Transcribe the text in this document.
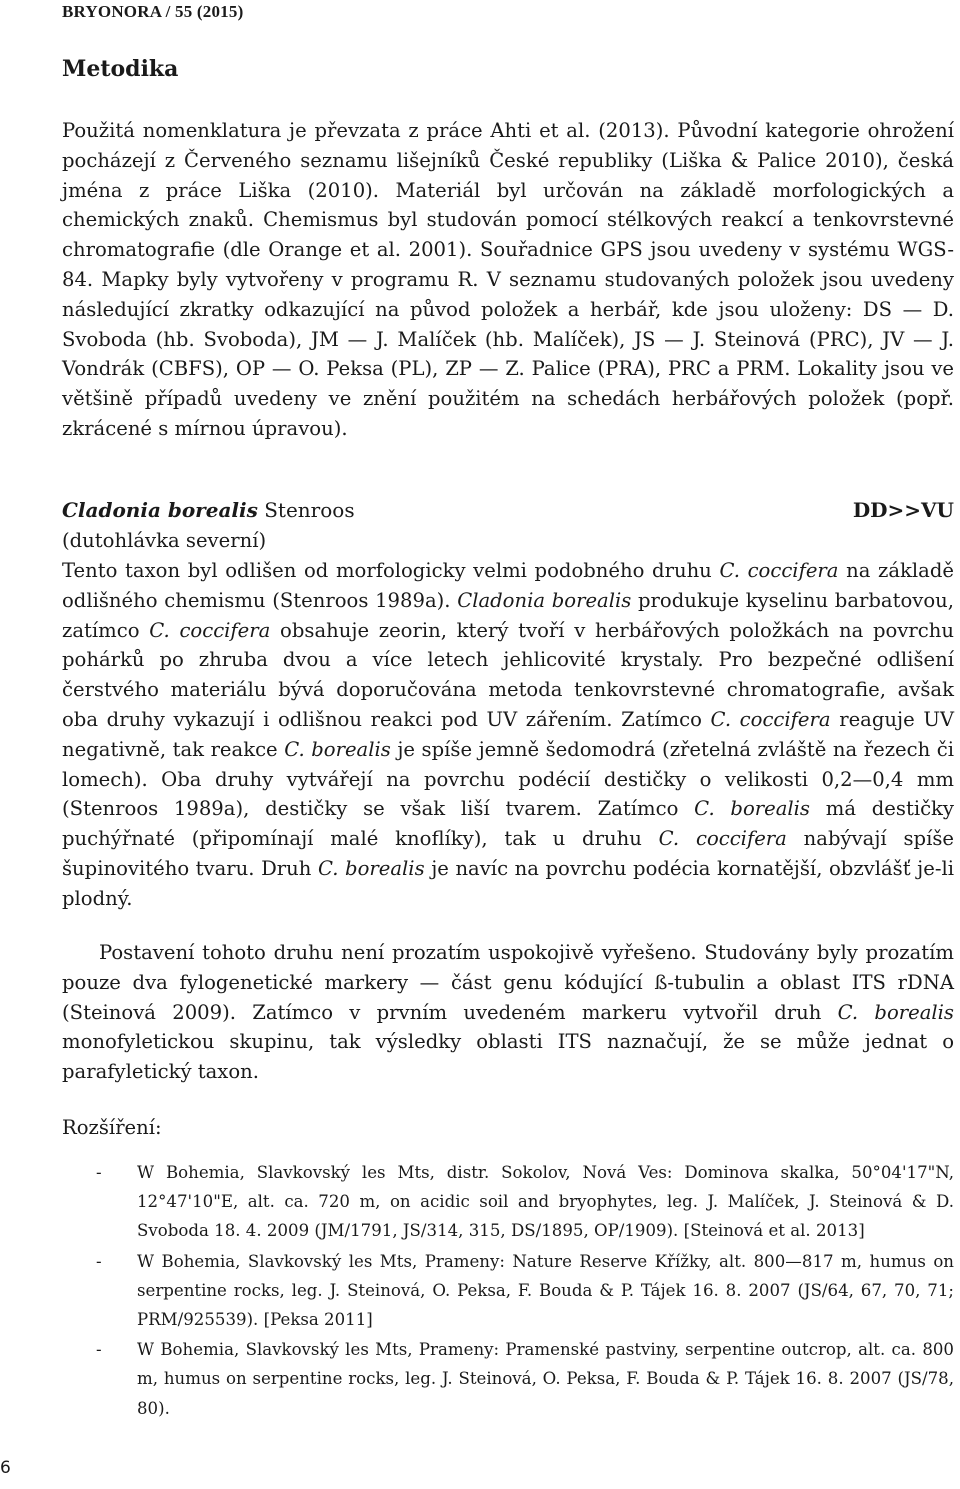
BRYONORA / 55 (2015)
Metodika

Použitá nomenklatura je převzata z práce Ahti et al. (2013). Původní kategorie ohrožení pocházejí z Červeného seznamu lišejníků České republiky (Liška & Palice 2010), česká jména z práce Liška (2010). Materiál byl určován na základě morfologických a chemických znaků. Chemismus byl studován pomocí stélkových reakcí a tenkovrstevné chromatografie (dle Orange et al. 2001). Souřadnice GPS jsou uvedeny v systému WGS-84. Mapky byly vytvořeny v programu R. V seznamu studovaných položek jsou uvedeny následující zkratky odkazující na původ položek a herbář, kde jsou uloženy: DS — D. Svoboda (hb. Svoboda), JM — J. Malíček (hb. Malíček), JS — J. Steinová (PRC), JV — J. Vondrák (CBFS), OP — O. Peksa (PL), ZP — Z. Palice (PRA), PRC a PRM. Lokality jsou ve většině případů uvedeny ve znění použitém na schedách herbářových položek (popř. zkrácené s mírnou úpravou).

Cladonia borealis Stenroos	DD>>VU

(dutohlávka severní)

Tento taxon byl odlišen od morfologicky velmi podobného druhu C. coccifera na základě odlišného chemismu (Stenroos 1989a). Cladonia borealis produkuje kyselinu barbatovou, zatímco C. coccifera obsahuje zeorin, který tvoří v herbářových položkách na povrchu pohárků po zhruba dvou a více letech jehlicovité krystaly. Pro bezpečné odlišení čerstvého materiálu bývá doporučována metoda tenkovrstevné chromatografie, avšak oba druhy vykazují i odlišnou reakci pod UV zářením. Zatímco C. coccifera reaguje UV negativně, tak reakce C. borealis je spíše jemně šedomodrá (zřetelná zvláště na řezech či lomech). Oba druhy vytvářejí na povrchu podécií destičky o velikosti 0,2—0,4 mm (Stenroos 1989a), destičky se však liší tvarem. Zatímco C. borealis má destičky puchýřnaté (připomínají malé knoflíky), tak u druhu C. coccifera nabývají spíše šupinovitého tvaru. Druh C. borealis je navíc na povrchu podécia kornatější, obzvlášť je-li plodný.

Postavení tohoto druhu není prozatím uspokojivě vyřešeno. Studovány byly prozatím pouze dva fylogenetické markery — část genu kódující ß-tubulin a oblast ITS rDNA (Steinová 2009). Zatímco v prvním uvedeném markeru vytvořil druh C. borealis monofyletickou skupinu, tak výsledky oblasti ITS naznačují, že se může jednat o parafyletický taxon.

Rozšíření:
- W Bohemia, Slavkovský les Mts, distr. Sokolov, Nová Ves: Dominova skalka, 50°04'17"N, 12°47'10"E, alt. ca. 720 m, on acidic soil and bryophytes, leg. J. Malíček, J. Steinová & D. Svoboda 18. 4. 2009 (JM/1791, JS/314, 315, DS/1895, OP/1909). [Steinová et al. 2013]
- W Bohemia, Slavkovský les Mts, Prameny: Nature Reserve Křížky, alt. 800—817 m, humus on serpentine rocks, leg. J. Steinová, O. Peksa, F. Bouda & P. Tájek 16. 8. 2007 (JS/64, 67, 70, 71; PRM/925539). [Peksa 2011]
- W Bohemia, Slavkovský les Mts, Prameny: Pramenské pastviny, serpentine outcrop, alt. ca. 800 m, humus on serpentine rocks, leg. J. Steinová, O. Peksa, F. Bouda & P. Tájek 16. 8. 2007 (JS/78, 80).
6
